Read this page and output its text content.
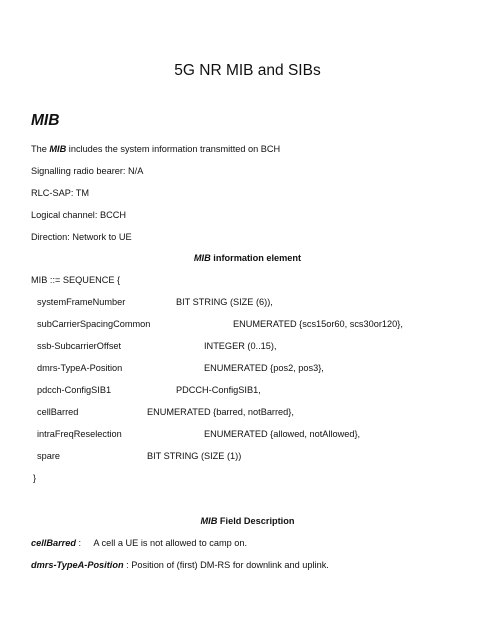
5G NR MIB and SIBs
MIB
The MIB includes the system information transmitted on BCH
Signalling radio bearer: N/A
RLC-SAP: TM
Logical channel: BCCH
Direction: Network to UE
MIB information element
MIB ::= SEQUENCE {
systemFrameNumber	BIT STRING (SIZE (6)),
subCarrierSpacingCommon	ENUMERATED {scs15or60, scs30or120},
ssb-SubcarrierOffset	INTEGER (0..15),
dmrs-TypeA-Position	ENUMERATED {pos2, pos3},
pdcch-ConfigSIB1	PDCCH-ConfigSIB1,
cellBarred	ENUMERATED {barred, notBarred},
intraFreqReselection	ENUMERATED {allowed, notAllowed},
spare	BIT STRING (SIZE (1))
}
MIB Field Description
cellBarred :     A cell a UE is not allowed to camp on.
dmrs-TypeA-Position : Position of (first) DM-RS for downlink and uplink.
